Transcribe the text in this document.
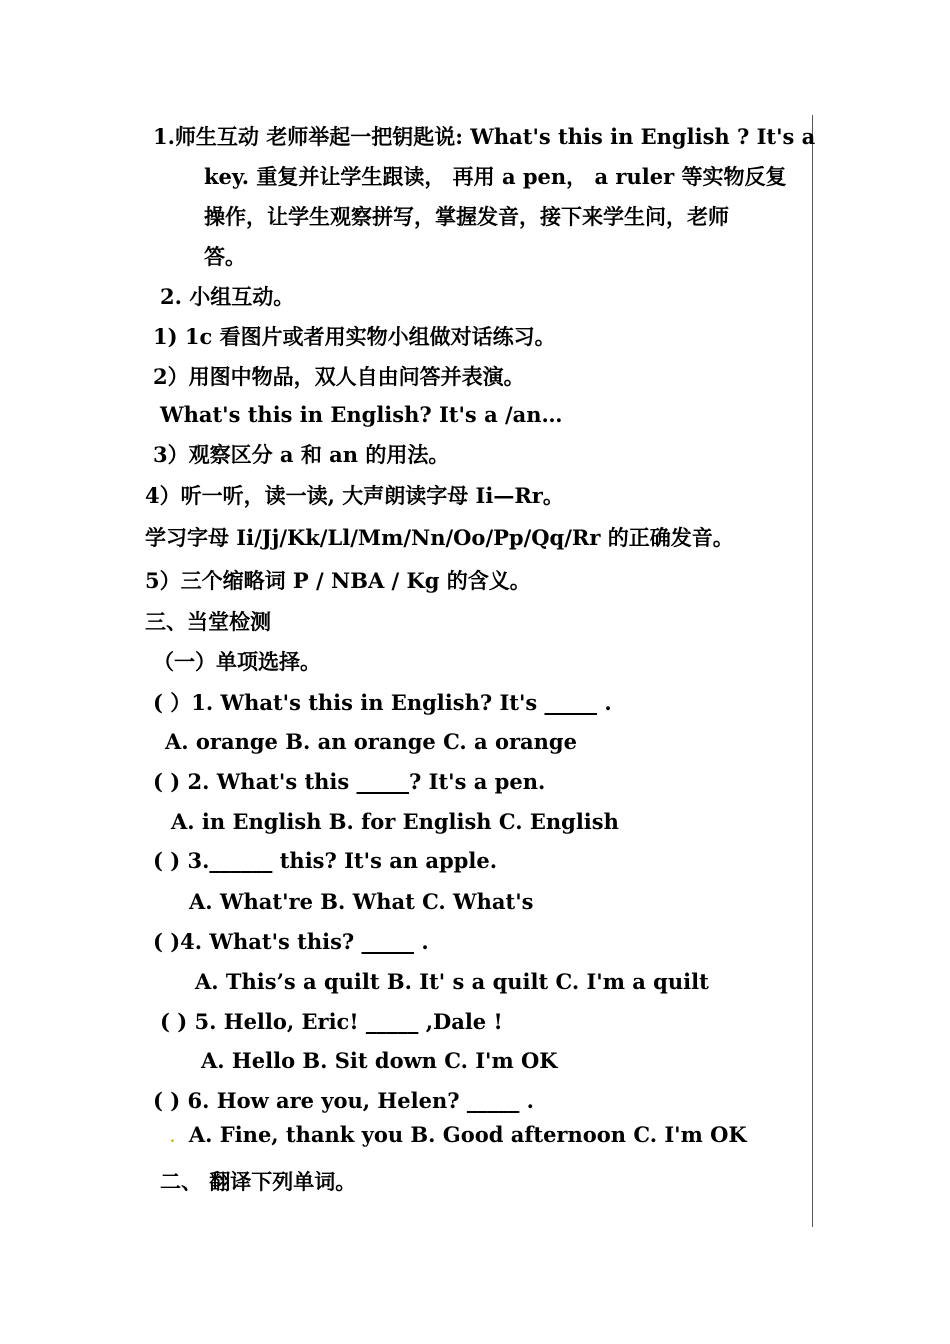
1.师生互动 老师举起一把钥匙说: What's this in English ? It's a
key. 重复并让学生跟读， 再用 a pen， a ruler 等实物反复
操作，让学生观察拼写，掌握发音，接下来学生问，老师
答。
2. 小组互动。
1) 1c 看图片或者用实物小组做对话练习。
2）用图中物品，双人自由问答并表演。
What's this in English? It's a /an…
3）观察区分 a 和 an 的用法。
4）听一听，读一读, 大声朗读字母 Ii—Rr。
学习字母 Ii/Jj/Kk/Ll/Mm/Nn/Oo/Pp/Qq/Rr 的正确发音。
5）三个缩略词 P / NBA / Kg 的含义。
三、当堂检测
（一）单项选择。
( ）1. What's this in English? It's _____ .
A. orange B. an orange C. a orange
( ) 2. What's this _____? It's a pen.
A. in English B. for English C. English
( ) 3.______ this? It's an apple.
A. What're B. What C. What's
( )4. What's this? _____ .
A. This’s a quilt B. It' s a quilt C. I'm a quilt
( ) 5. Hello, Eric! _____ ,Dale !
A. Hello B. Sit down C. I'm OK
( ) 6. How are you, Helen? _____ .
. A. Fine, thank you B. Good afternoon C. I'm OK
二、 翻译下列单词。
